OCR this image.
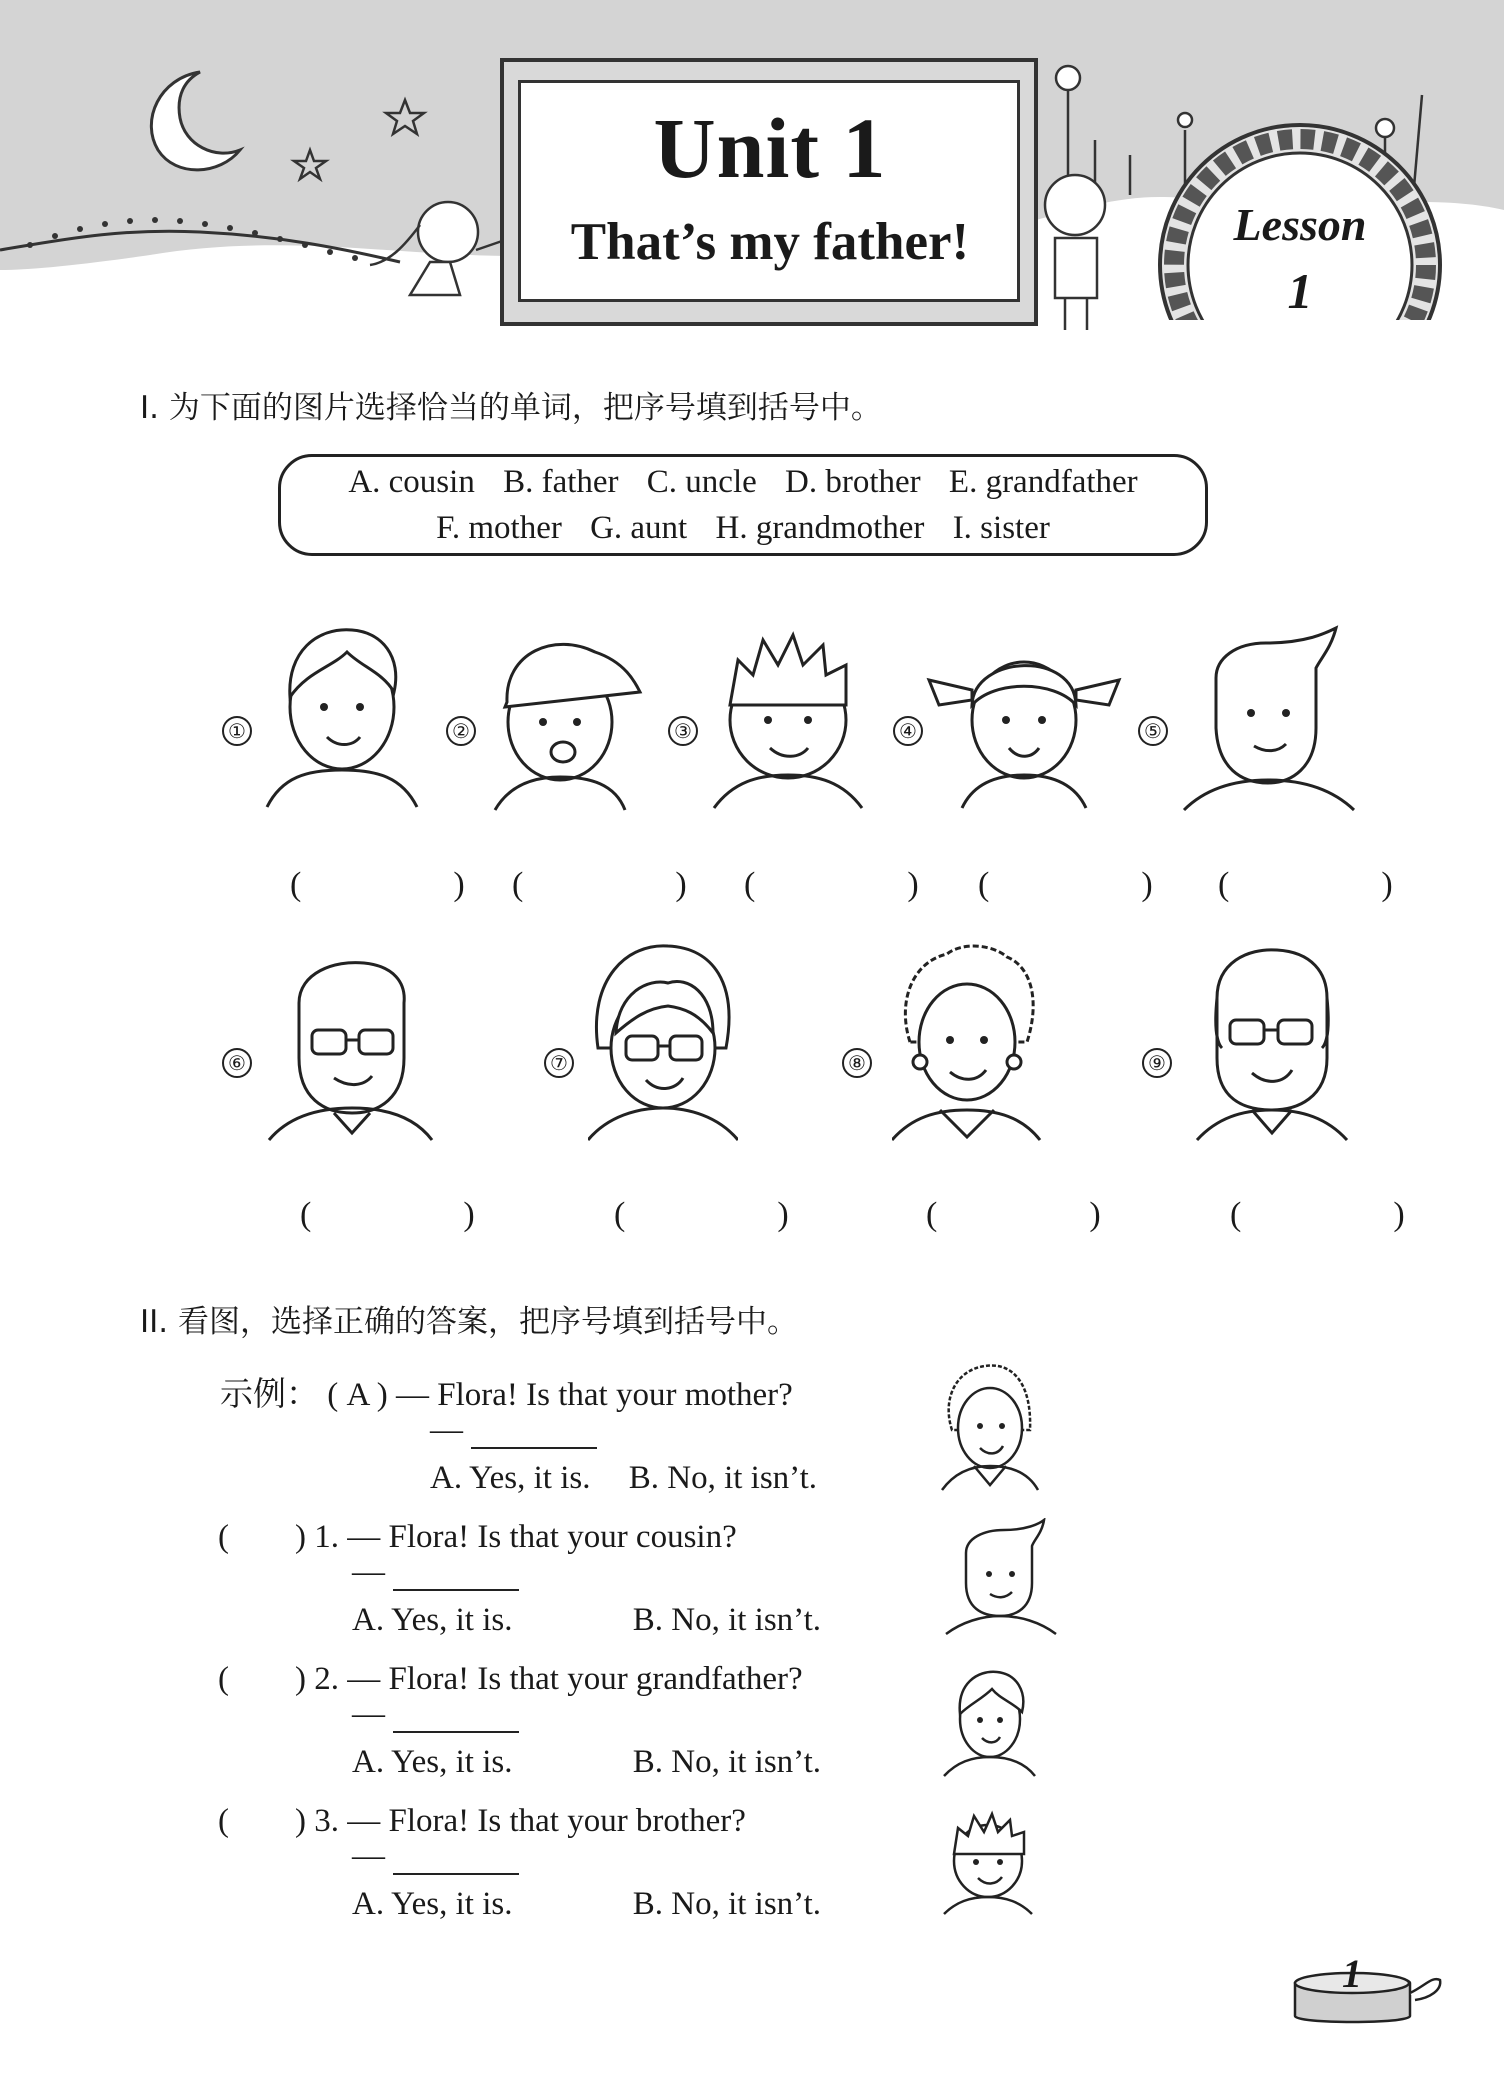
Unit 1
That’s my father!	Lesson
1
I. 为下面的图片选择恰当的单词，把序号填到括号中。
A. cousin B. father C. uncle D. brother E. grandfather
F. mother G. aunt H. grandmother I. sister
①
(　　)
②
(　　)
③
(　　)
④
(　　)
⑤
(　　)
⑥
(　　)
⑦
(　　)
⑧
(　　)
⑨
(　　)
II. 看图，选择正确的答案，把序号填到括号中。
示例： ( A ) — Flora! Is that your mother?
—
A. Yes, it is. B. No, it isn’t.
(　　) 1. — Flora! Is that your cousin?
—
A. Yes, it is.	B. No, it isn’t.
(　　) 2. — Flora! Is that your grandfather?
—
A. Yes, it is.	B. No, it isn’t.
(　　) 3. — Flora! Is that your brother?
—
A. Yes, it is.	B. No, it isn’t.
1
